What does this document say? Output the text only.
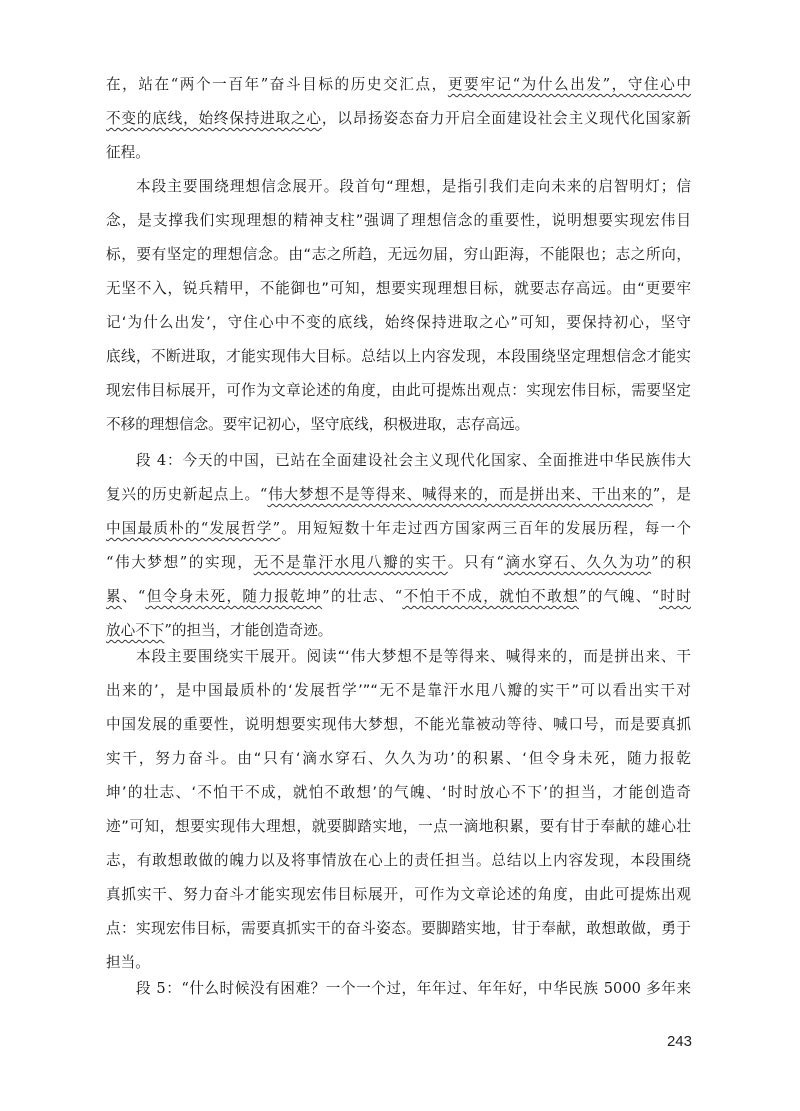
在，站在“两个一百年”奋斗目标的历史交汇点，更要牢记“为什么出发”，守住心中
不变的底线，始终保持进取之心，以昂扬姿态奋力开启全面建设社会主义现代化国家新
征程。
本段主要围绕理想信念展开。段首句“理想，是指引我们走向未来的启智明灯；信
念，是支撑我们实现理想的精神支柱”强调了理想信念的重要性，说明想要实现宏伟目
标，要有坚定的理想信念。由“志之所趋，无远勿届，穷山距海，不能限也；志之所向，
无坚不入，锐兵精甲，不能御也”可知，想要实现理想目标，就要志存高远。由“更要牢
记‘为什么出发’，守住心中不变的底线，始终保持进取之心”可知，要保持初心，坚守
底线，不断进取，才能实现伟大目标。总结以上内容发现，本段围绕坚定理想信念才能实
现宏伟目标展开，可作为文章论述的角度，由此可提炼出观点：实现宏伟目标，需要坚定
不移的理想信念。要牢记初心，坚守底线，积极进取，志存高远。
段 4：今天的中国，已站在全面建设社会主义现代化国家、全面推进中华民族伟大
复兴的历史新起点上。“伟大梦想不是等得来、喊得来的，而是拼出来、干出来的”，是
中国最质朴的“发展哲学”。用短短数十年走过西方国家两三百年的发展历程，每一个
“伟大梦想”的实现，无不是靠汗水甩八瓣的实干。只有“滴水穿石、久久为功”的积
累、“但令身未死，随力报乾坤”的壮志、“不怕干不成，就怕不敢想”的气魄、“时时
放心不下”的担当，才能创造奇迹。
本段主要围绕实干展开。阅读“‘伟大梦想不是等得来、喊得来的，而是拼出来、干
出来的’，是中国最质朴的‘发展哲学’”“无不是靠汗水甩八瓣的实干”可以看出实干对
中国发展的重要性，说明想要实现伟大梦想，不能光靠被动等待、喊口号，而是要真抓
实干，努力奋斗。由“只有‘滴水穿石、久久为功’的积累、‘但令身未死，随力报乾
坤’的壮志、‘不怕干不成，就怕不敢想’的气魄、‘时时放心不下’的担当，才能创造奇
迹”可知，想要实现伟大理想，就要脚踏实地，一点一滴地积累，要有甘于奉献的雄心壮
志，有敢想敢做的魄力以及将事情放在心上的责任担当。总结以上内容发现，本段围绕
真抓实干、努力奋斗才能实现宏伟目标展开，可作为文章论述的角度，由此可提炼出观
点：实现宏伟目标，需要真抓实干的奋斗姿态。要脚踏实地，甘于奉献，敢想敢做，勇于
担当。
段 5：“什么时候没有困难？一个一个过，年年过、年年好，中华民族 5000 多年来
243
